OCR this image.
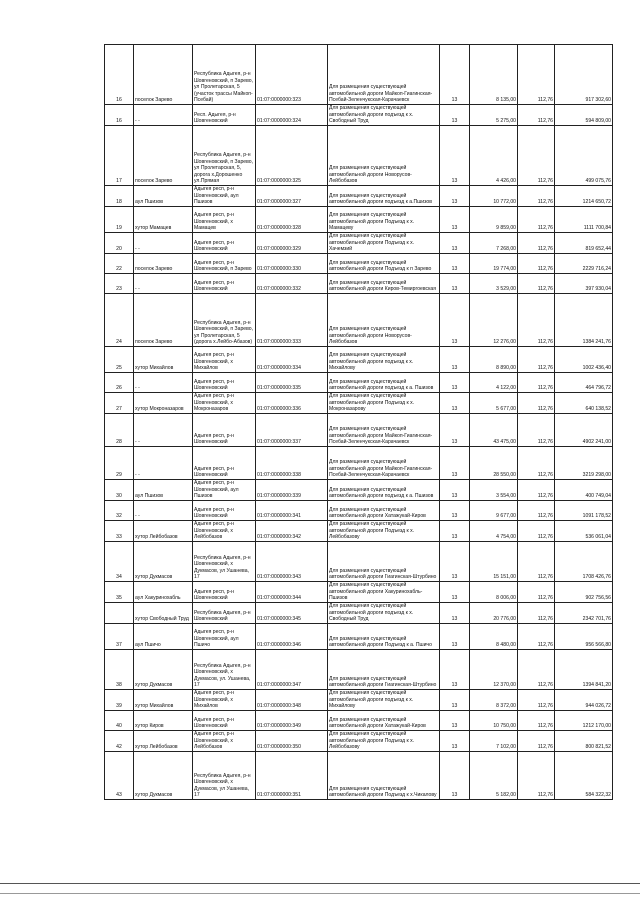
16	поселок Зарево	Республика Адыгея, р-н Шовгеновский, п Зарево, ул Пролетарская, 5 (участок трассы Майкоп-Псебай)	01:07:0000000:323	Для размещения существующей автомобильной дороги Майкоп-Гиагинская-Псебай-Зеленчукская-Карачаевск	13	8 135,00	112,76	917 302,60
16	- -	Респ. Адыгея, р-н Шовгеновский	01:07:0000000:324	Для размещения существующей автомобильной дороги подъезд к х. Свободный Труд	13	5 275,00	112,76	594 809,00
17	поселок Зарево	Республика Адыгея, р-н Шовгеновский, п Зарево, ул Пролетарская, 5, дорога х.Дорошенко ул.Прямая	01:07:0000000:325	Для размещения существующей автомобильной дороги Новорусов-Лейбобазов	13	4 426,00	112,76	499 075,76
18	аул Пшизов	Адыгея респ, р-н Шовгеновский, аул Пшизов	01:07:0000000:327	Для размещения существующей автомобильной дороги подъезд к а.Пшизов	13	10 772,00	112,76	1214 650,72
19	хутор Мамацев	Адыгея респ, р-н Шовгеновский, х Мамацев	01:07:0000000:328	Для размещения существующей автомобильной дороги Подъезд к х. Мамацеву	13	9 859,00	112,76	1111 700,84
20	- -	Адыгея респ, р-н Шовгеновский	01:07:0000000:329	Для размещения существующей автомобильной дороги Подъезд к х. Хачемзий	13	7 268,00	112,76	819 652,44
22	поселок Зарево	Адыгея респ, р-н Шовгеновский, п Зарево	01:07:0000000:330	Для размещения существующей автомобильной дороги Подъезд к п Зарево	13	19 774,00	112,76	2229 716,24
23	- -	Адыгея респ, р-н Шовгеновский	01:07:0000000:332	Для размещения существующей автомобильной дороги Киров-Темиргоевская	13	3 529,00	112,76	397 930,04
24	поселок Зарево	Республика Адыгея, р-н Шовгеновский, п Зарево, ул Пролетарская, 5 (дорога х.Лейбо-Абазов)	01:07:0000000:333	Для размещения существующей автомобильной дороги Новорусов-Лейбобазов	13	12 276,00	112,76	1384 241,76
25	хутор Михайлов	Адыгея респ, р-н Шовгеновский, х Михайлов	01:07:0000000:334	Для размещения существующей автомобильной дороги подъезд к х. Михайлову	13	8 890,00	112,76	1002 436,40
26	- -	Адыгея респ, р-н Шовгеновский	01:07:0000000:335	Для размещения существующей автомобильной дороги подъезд к а. Пшизов	13	4 122,00	112,76	464 796,72
27	хутор Мокроназаров	Адыгея респ, р-н Шовгеновский, х Мокроназаров	01:07:0000000:336	Для размещения существующей автомобильной дороги Подъезд к х. Мокроназарову	13	5 677,00	112,76	640 138,52
28	- -	Адыгея респ, р-н Шовгеновский	01:07:0000000:337	Для размещения существующей автомобильной дороги Майкоп-Гиагинская-Псебай-Зеленчукская-Карачаевск	13	43 475,00	112,76	4902 241,00
29	- -	Адыгея респ, р-н Шовгеновский	01:07:0000000:338	Для размещения существующей автомобильной дороги Майкоп-Гиагинская-Псебай-Зеленчукская-Карачаевск	13	28 550,00	112,76	3219 298,00
30	аул Пшизов	Адыгея респ, р-н Шовгеновский, аул Пшизов	01:07:0000000:339	Для размещения существующей автомобильной дороги подъезд к а. Пшизов	13	3 554,00	112,76	400 749,04
32	- -	Адыгея респ, р-н Шовгеновский	01:07:0000000:341	Для размещения существующей автомобильной дороги Хатажукай-Киров	13	9 677,00	112,76	1091 178,52
33	хутор Лейбобазов	Адыгея респ, р-н Шовгеновский, х Лейбобазов	01:07:0000000:342	Для размещения существующей автомобильной дороги Подъезд к х. Лейбобазову	13	4 754,00	112,76	536 061,04
34	хутор Дукмасов	Республика Адыгея, р-н Шовгеновский, х Дукмасов, ул Ушанева, 17	01:07:0000000:343	Для размещения существующей автомобильной дороги Гиагинская-Штурбино	13	15 151,00	112,76	1708 426,76
35	аул Хакуринохабль	Адыгея респ, р-н Шовгеновский	01:07:0000000:344	Для размещения существующей автомобильной дороги Хакуринохабль-Пшизов	13	8 006,00	112,76	902 756,56
	хутор Свободный Труд	Республика Адыгея, р-н Шовгеновский	01:07:0000000:345	Для размещения существующей автомобильной дороги подъезд к х. Свободный Труд	13	20 776,00	112,76	2342 701,76
37	аул Пшичо	Адыгея респ, р-н Шовгеновский, аул Пшичо	01:07:0000000:346	Для размещения существующей автомобильной дороги Подъезд к а. Пшичо	13	8 480,00	112,76	956 566,80
38	хутор Дукмасов	Республика Адыгея, р-н Шовгеновский, х Дукмасов, ул. Ушанева, 17	01:07:0000000:347	Для размещения существующей автомобильной дороги Гиагинская-Штурбино	13	12 370,00	112,76	1394 841,20
39	хутор Михайлов	Адыгея респ, р-н Шовгеновский, х Михайлов	01:07:0000000:348	Для размещения существующей автомобильной дороги подъезд к х. Михайлову	13	8 372,00	112,76	944 026,72
40	хутор Киров	Адыгея респ, р-н Шовгеновский	01:07:0000000:349	Для размещения существующей автомобильной дороги Хатажукай-Киров	13	10 750,00	112,76	1212 170,00
42	хутор Лейбобазов	Адыгея респ, р-н Шовгеновский, х Лейбобазов	01:07:0000000:350	Для размещения существующей автомобильной дороги Подъезд к х. Лейбобазову	13	7 102,00	112,76	800 821,52
43	хутор Дукмасов	Республика Адыгея, р-н Шовгеновский, х Дукмасов, ул Ушанева, 17	01:07:0000000:351	Для размещения существующей автомобильной дороги Подъезд к х.Чикалову	13	5 182,00	112,76	584 322,32
